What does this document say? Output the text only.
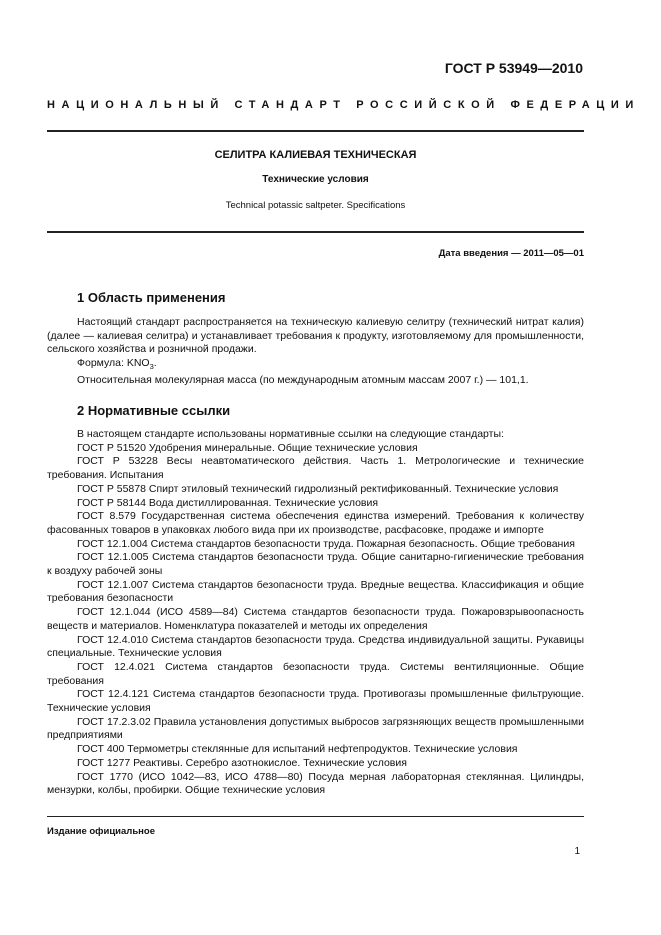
ГОСТ Р 53949—2010
НАЦИОНАЛЬНЫЙ СТАНДАРТ РОССИЙСКОЙ ФЕДЕРАЦИИ
СЕЛИТРА КАЛИЕВАЯ ТЕХНИЧЕСКАЯ
Технические условия
Technical potassic saltpeter. Specifications
Дата введения — 2011—05—01
1 Область применения

Настоящий стандарт распространяется на техническую калиевую селитру (технический нитрат калия) (далее — калиевая селитра) и устанавливает требования к продукту, изготовляемому для промышленности, сельского хозяйства и розничной продажи.

Формула: $KNO_3$.

Относительная молекулярная масса (по международным атомным массам 2007 г.) — 101,1.

2 Нормативные ссылки

В настоящем стандарте использованы нормативные ссылки на следующие стандарты:

ГОСТ Р 51520 Удобрения минеральные. Общие технические условия

ГОСТ Р 53228 Весы неавтоматического действия. Часть 1. Метрологические и технические требования. Испытания

ГОСТ Р 55878 Спирт этиловый технический гидролизный ректификованный. Технические условия

ГОСТ Р 58144 Вода дистиллированная. Технические условия

ГОСТ 8.579 Государственная система обеспечения единства измерений. Требования к количеству фасованных товаров в упаковках любого вида при их производстве, расфасовке, продаже и импорте

ГОСТ 12.1.004 Система стандартов безопасности труда. Пожарная безопасность. Общие требования

ГОСТ 12.1.005 Система стандартов безопасности труда. Общие санитарно-гигиенические требования к воздуху рабочей зоны

ГОСТ 12.1.007 Система стандартов безопасности труда. Вредные вещества. Классификация и общие требования безопасности

ГОСТ 12.1.044 (ИСО 4589—84) Система стандартов безопасности труда. Пожаровзрывоопасность веществ и материалов. Номенклатура показателей и методы их определения

ГОСТ 12.4.010 Система стандартов безопасности труда. Средства индивидуальной защиты. Рукавицы специальные. Технические условия

ГОСТ 12.4.021 Система стандартов безопасности труда. Системы вентиляционные. Общие требования

ГОСТ 12.4.121 Система стандартов безопасности труда. Противогазы промышленные фильтрующие. Технические условия

ГОСТ 17.2.3.02 Правила установления допустимых выбросов загрязняющих веществ промышленными предприятиями

ГОСТ 400 Термометры стеклянные для испытаний нефтепродуктов. Технические условия

ГОСТ 1277 Реактивы. Серебро азотнокислое. Технические условия

ГОСТ 1770 (ИСО 1042—83, ИСО 4788—80) Посуда мерная лабораторная стеклянная. Цилиндры, мензурки, колбы, пробирки. Общие технические условия

Издание официальное
1
